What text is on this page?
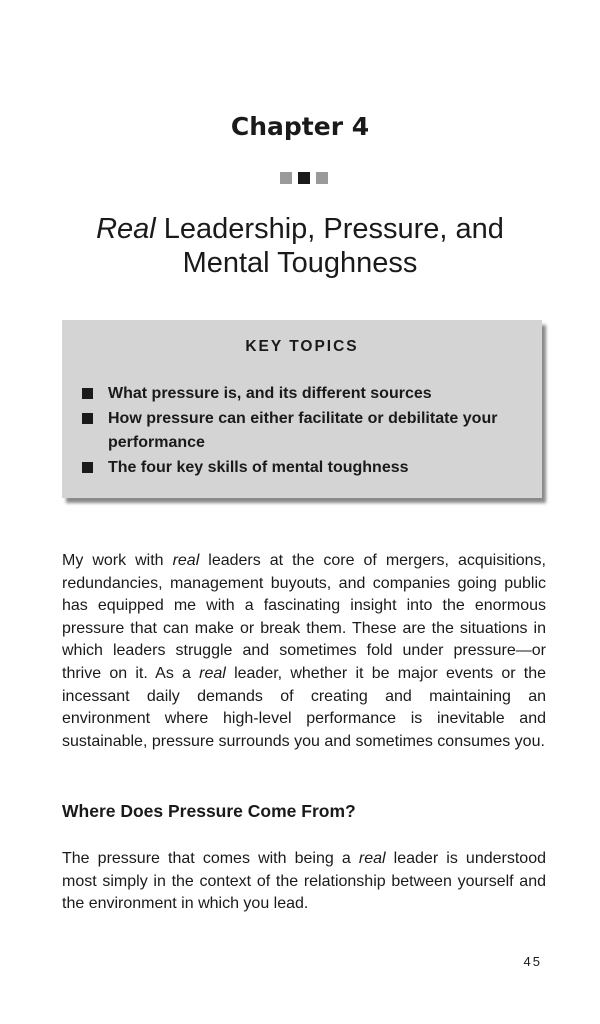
Chapter 4
Real Leadership, Pressure, and
Mental Toughness
KEY TOPICS
What pressure is, and its different sources
How pressure can either facilitate or debilitate your performance
The four key skills of mental toughness

My work with real leaders at the core of mergers, acquisitions, redundancies, management buyouts, and companies going public has equipped me with a fascinating insight into the enormous pressure that can make or break them. These are the situations in which leaders struggle and sometimes fold under pressure—or thrive on it. As a real leader, whether it be major events or the incessant daily demands of creating and maintaining an environment where high-level performance is inevitable and sustainable, pressure surrounds you and sometimes consumes you.

Where Does Pressure Come From?

The pressure that comes with being a real leader is understood most simply in the context of the relationship between yourself and the environment in which you lead.

45
